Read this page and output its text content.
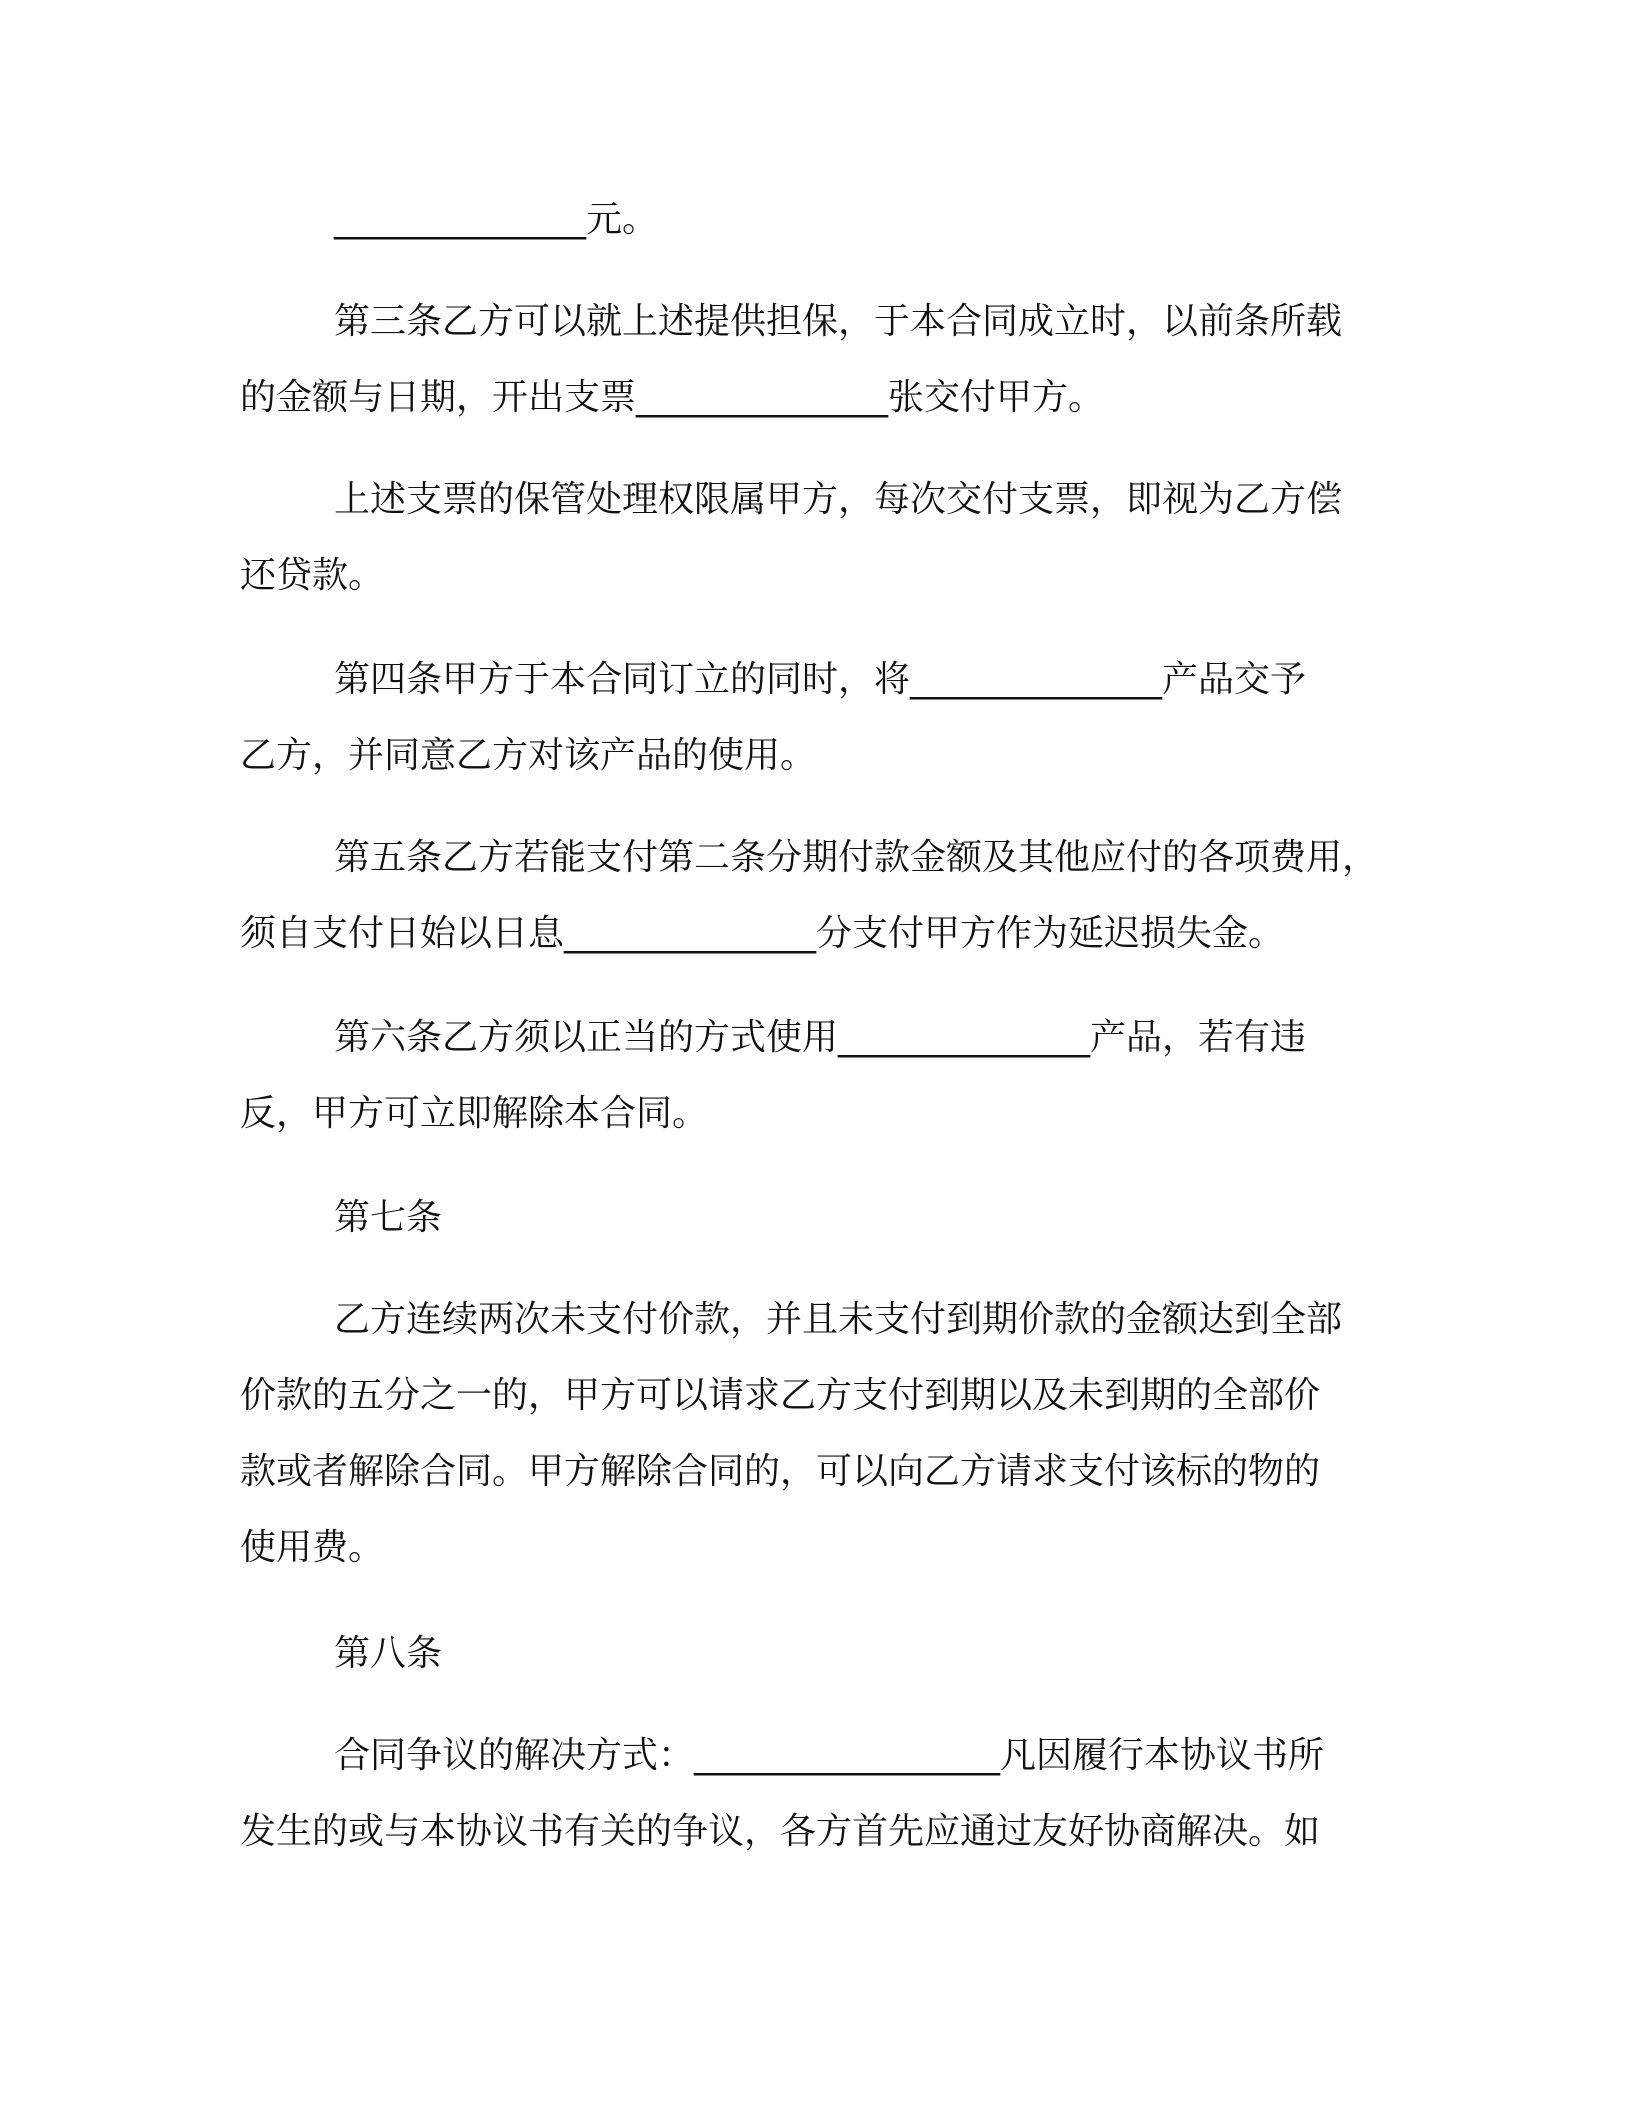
______________元。
第三条乙方可以就上述提供担保，于本合同成立时，以前条所载
的金额与日期，开出支票______________张交付甲方。
上述支票的保管处理权限属甲方，每次交付支票，即视为乙方偿
还贷款。
第四条甲方于本合同订立的同时，将______________产品交予
乙方，并同意乙方对该产品的使用。
第五条乙方若能支付第二条分期付款金额及其他应付的各项费用，
须自支付日始以日息______________分支付甲方作为延迟损失金。
第六条乙方须以正当的方式使用______________产品，若有违
反，甲方可立即解除本合同。
第七条
乙方连续两次未支付价款，并且未支付到期价款的金额达到全部
价款的五分之一的，甲方可以请求乙方支付到期以及未到期的全部价
款或者解除合同。甲方解除合同的，可以向乙方请求支付该标的物的
使用费。
第八条
合同争议的解决方式：_________________凡因履行本协议书所
发生的或与本协议书有关的争议，各方首先应通过友好协商解决。如
